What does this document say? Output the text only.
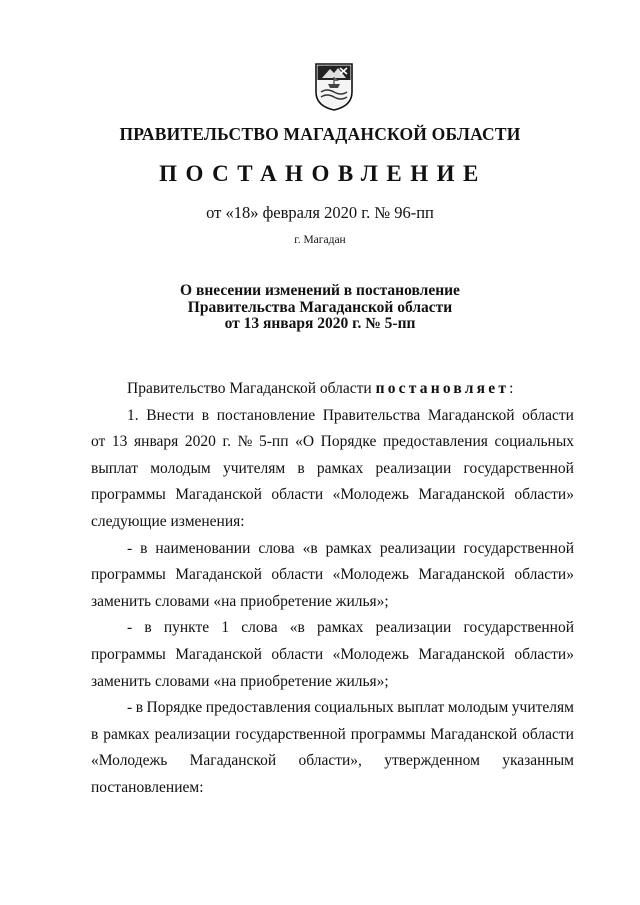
ПРАВИТЕЛЬСТВО МАГАДАНСКОЙ ОБЛАСТИ
ПОСТАНОВЛЕНИЕ
от «18» февраля 2020 г. № 96-пп
г. Магадан
О внесении изменений в постановление
Правительства Магаданской области
от 13 января 2020 г. № 5-пп
Правительство Магаданской области постановляет:
1. Внести в постановление Правительства Магаданской области
от 13 января 2020 г. № 5-пп «О Порядке предоставления социальных
выплат молодым учителям в рамках реализации государственной
программы Магаданской области «Молодежь Магаданской области»
следующие изменения:
- в наименовании слова «в рамках реализации государственной
программы Магаданской области «Молодежь Магаданской области»
заменить словами «на приобретение жилья»;
- в пункте 1 слова «в рамках реализации государственной
программы Магаданской области «Молодежь Магаданской области»
заменить словами «на приобретение жилья»;
- в Порядке предоставления социальных выплат молодым учителям
в рамках реализации государственной программы Магаданской области
«Молодежь Магаданской области», утвержденном указанным
постановлением:
